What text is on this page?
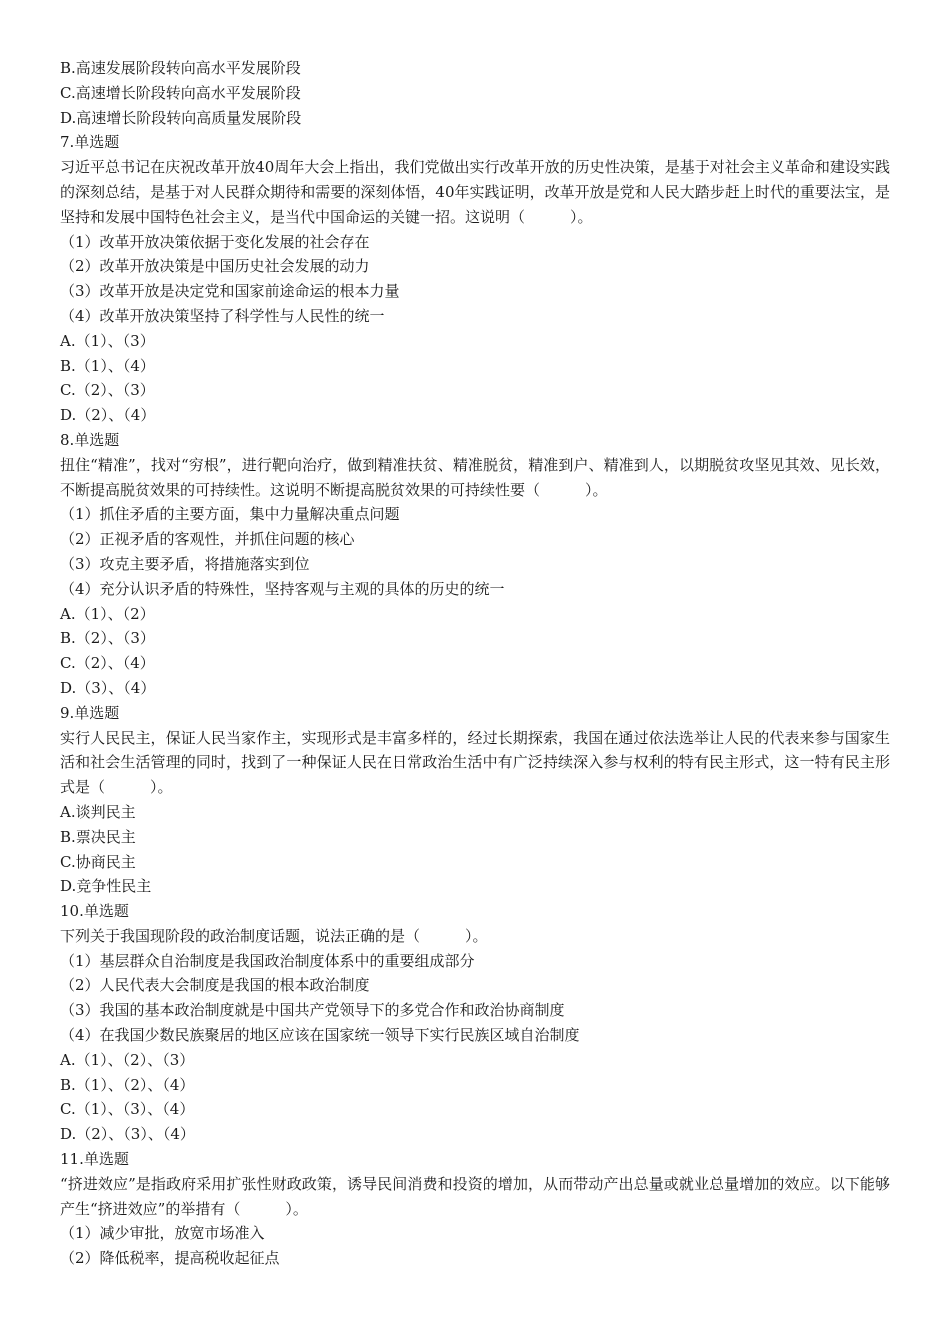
B.高速发展阶段转向高水平发展阶段
C.高速增长阶段转向高水平发展阶段
D.高速增长阶段转向高质量发展阶段
7.单选题
习近平总书记在庆祝改革开放40周年大会上指出，我们党做出实行改革开放的历史性决策，是基于对社会主义革命和建设实践的深刻总结，是基于对人民群众期待和需要的深刻体悟，40年实践证明，改革开放是党和人民大踏步赶上时代的重要法宝，是坚持和发展中国特色社会主义，是当代中国命运的关键一招。这说明（　　　）。
（1）改革开放决策依据于变化发展的社会存在
（2）改革开放决策是中国历史社会发展的动力
（3）改革开放是决定党和国家前途命运的根本力量
（4）改革开放决策坚持了科学性与人民性的统一
A.（1）、（3）
B.（1）、（4）
C.（2）、（3）
D.（2）、（4）
8.单选题
扭住“精准”，找对“穷根”，进行靶向治疗，做到精准扶贫、精准脱贫，精准到户、精准到人，以期脱贫攻坚见其效、见长效，不断提高脱贫效果的可持续性。这说明不断提高脱贫效果的可持续性要（　　　）。
（1）抓住矛盾的主要方面，集中力量解决重点问题
（2）正视矛盾的客观性，并抓住问题的核心
（3）攻克主要矛盾，将措施落实到位
（4）充分认识矛盾的特殊性，坚持客观与主观的具体的历史的统一
A.（1）、（2）
B.（2）、（3）
C.（2）、（4）
D.（3）、（4）
9.单选题
实行人民民主，保证人民当家作主，实现形式是丰富多样的，经过长期探索，我国在通过依法选举让人民的代表来参与国家生活和社会生活管理的同时，找到了一种保证人民在日常政治生活中有广泛持续深入参与权利的特有民主形式，这一特有民主形式是（　　　）。
A.谈判民主
B.票决民主
C.协商民主
D.竞争性民主
10.单选题
下列关于我国现阶段的政治制度话题，说法正确的是（　　　）。
（1）基层群众自治制度是我国政治制度体系中的重要组成部分
（2）人民代表大会制度是我国的根本政治制度
（3）我国的基本政治制度就是中国共产党领导下的多党合作和政治协商制度
（4）在我国少数民族聚居的地区应该在国家统一领导下实行民族区域自治制度
A.（1）、（2）、（3）
B.（1）、（2）、（4）
C.（1）、（3）、（4）
D.（2）、（3）、（4）
11.单选题
“挤进效应”是指政府采用扩张性财政政策，诱导民间消费和投资的增加，从而带动产出总量或就业总量增加的效应。以下能够产生“挤进效应”的举措有（　　　）。
（1）减少审批，放宽市场准入
（2）降低税率，提高税收起征点
